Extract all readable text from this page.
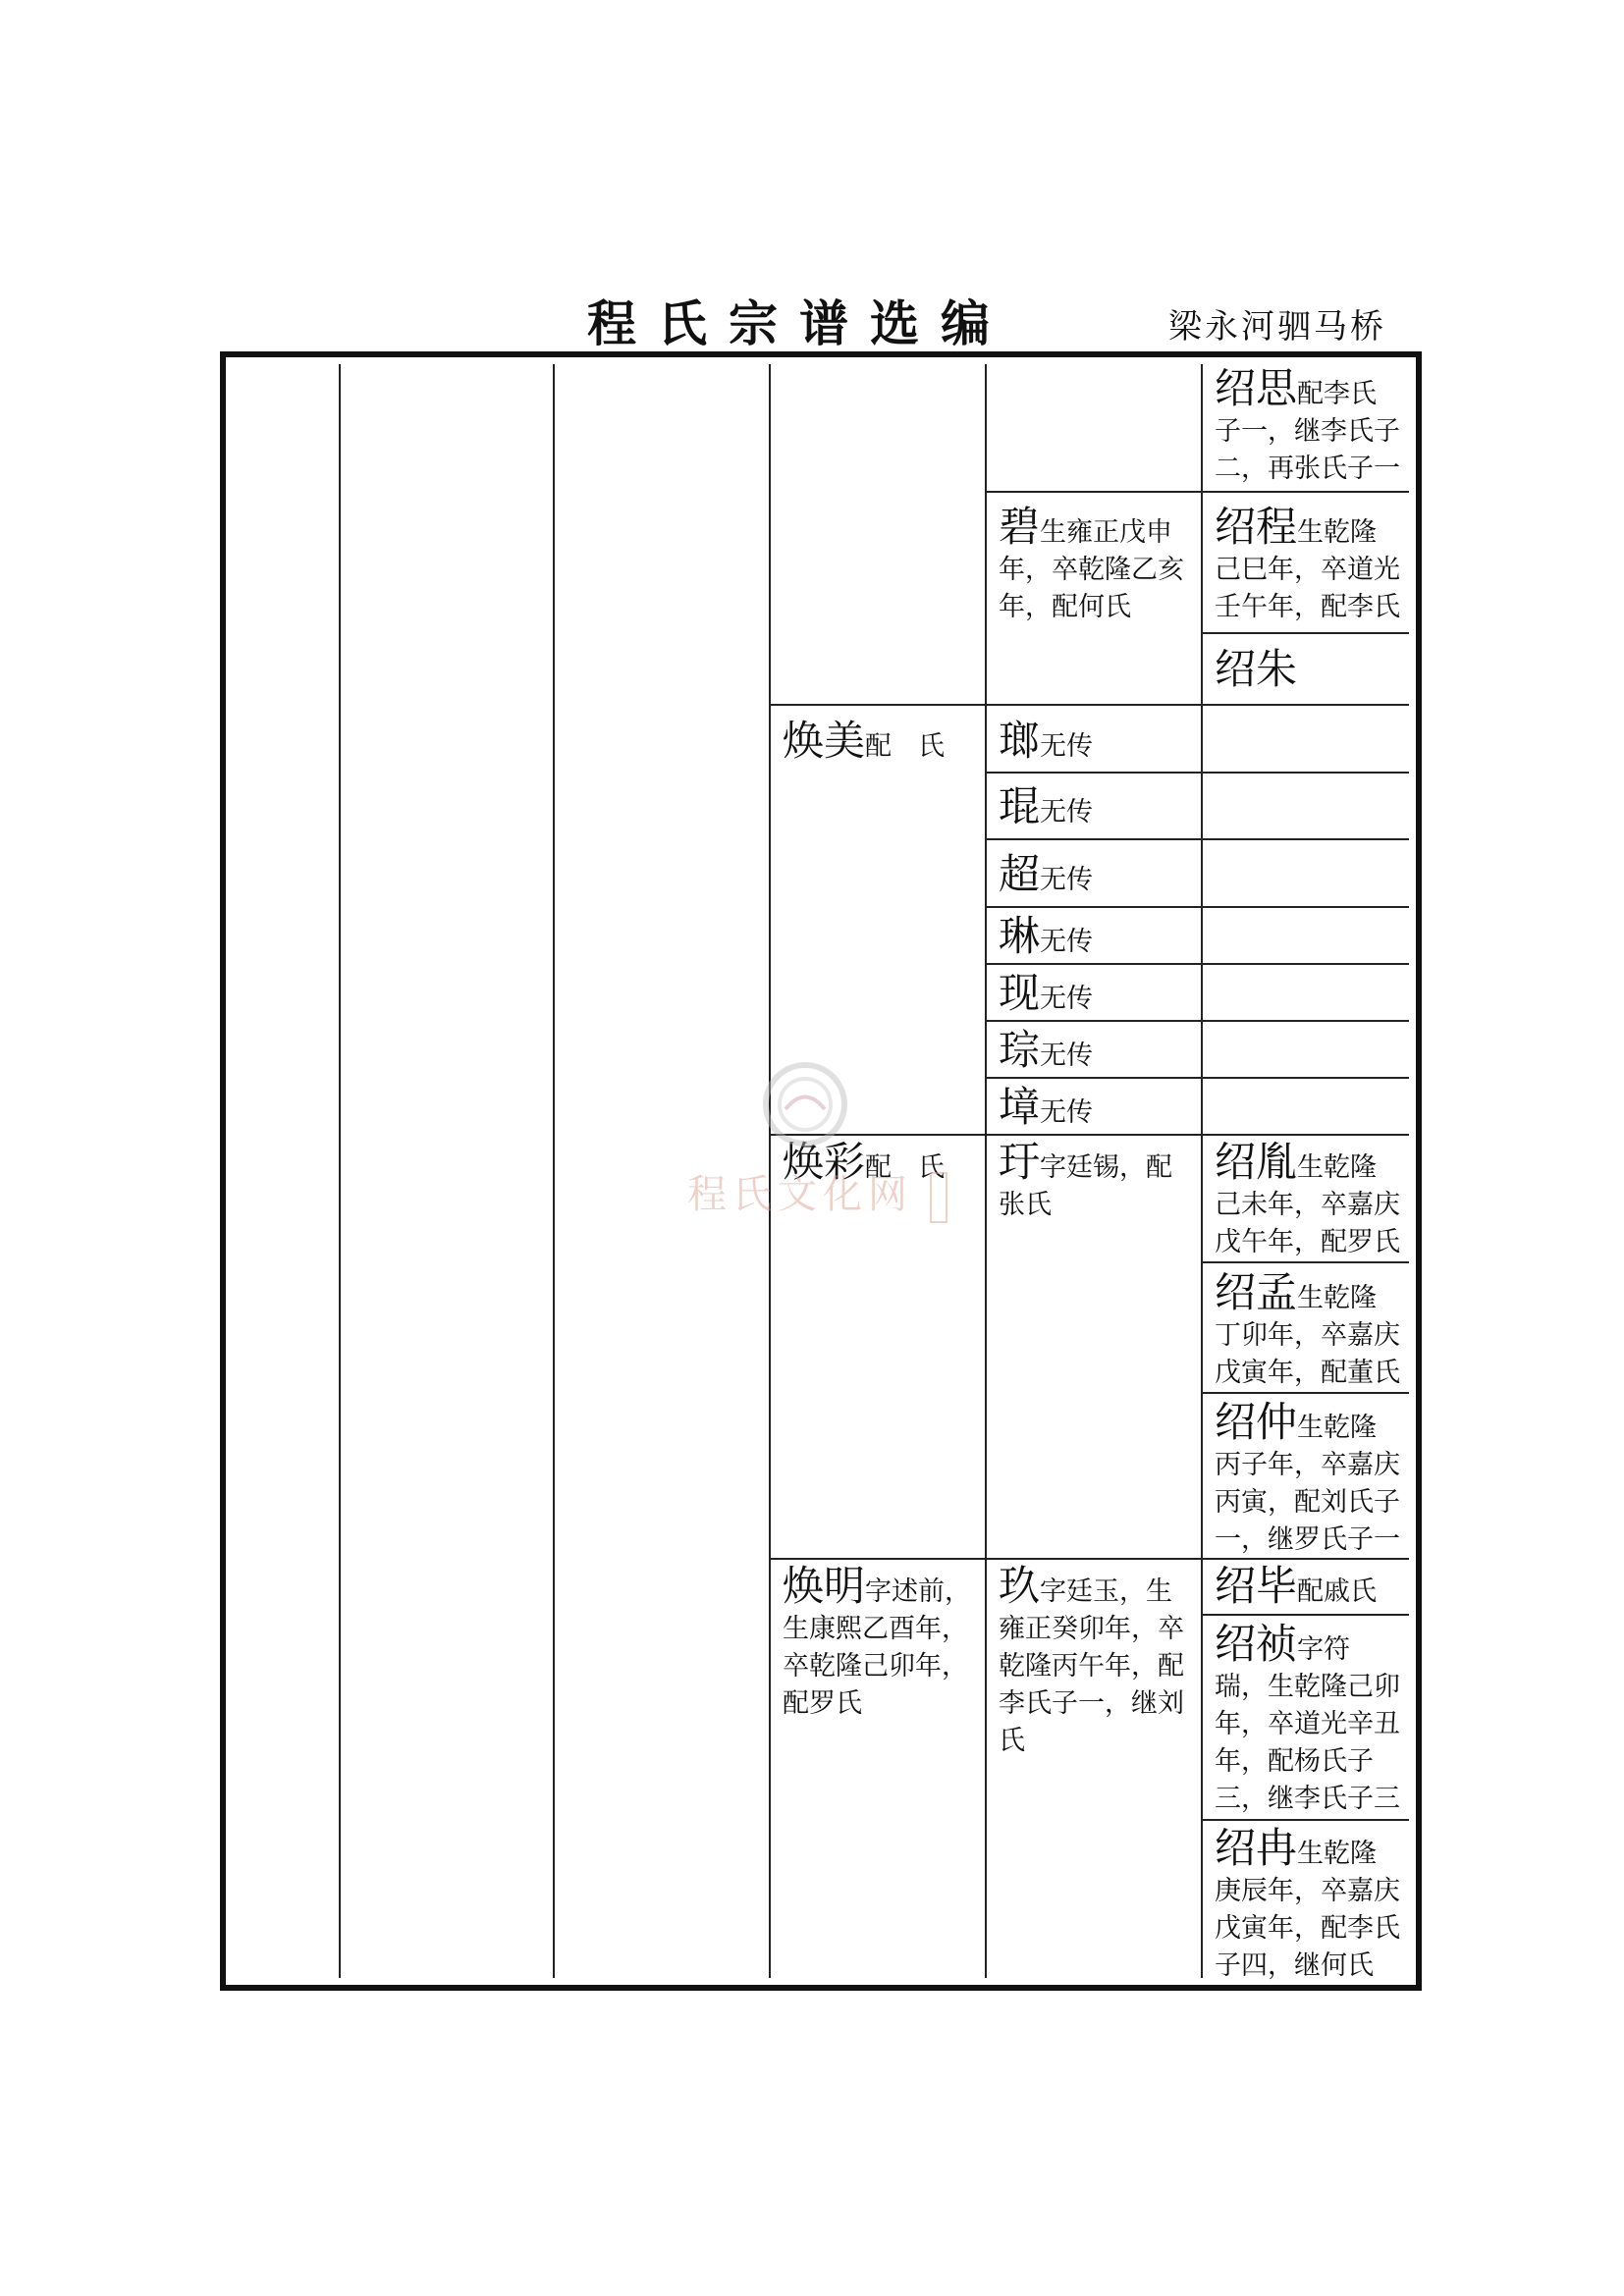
程氏宗谱选编	梁永河驷马桥
绍思配李氏
子一，继李氏子二，再张氏子一
绍程生乾隆己巳年，卒道光壬午年，配李氏
绍朱
绍胤生乾隆己未年，卒嘉庆戊午年，配罗氏
绍孟生乾隆丁卯年，卒嘉庆戊寅年，配董氏
绍仲生乾隆丙子年，卒嘉庆丙寅，配刘氏子一，继罗氏子一
绍毕配戚氏
绍祯字符瑞，生乾隆己卯年，卒道光辛丑年，配杨氏子三，继李氏子三
绍冉生乾隆庚辰年，卒嘉庆戊寅年，配李氏子四，继何氏
碧生雍正戊申年，卒乾隆乙亥年，配何氏
瑯无传
琨无传
超无传
琳无传
现无传
琮无传
墇无传
玗字廷锡，配张氏
玖字廷玉，生雍正癸卯年，卒乾隆丙午年，配李氏子一，继刘氏
焕美配　氏
焕彩配　氏
焕明字述前，生康熙乙酉年，卒乾隆己卯年，配罗氏
程氏文化网
